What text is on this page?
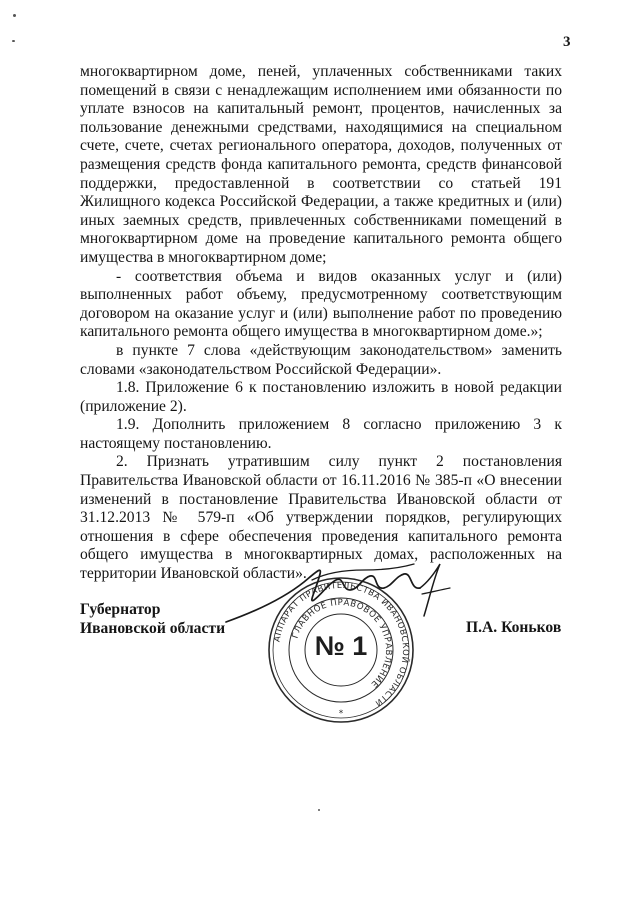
3

многоквартирном доме, пеней, уплаченных собственниками таких помещений в связи с ненадлежащим исполнением ими обязанности по уплате взносов на капитальный ремонт, процентов, начисленных за пользование денежными средствами, находящимися на специальном счете, счете, счетах регионального оператора, доходов, полученных от размещения средств фонда капитального ремонта, средств финансовой поддержки, предоставленной в соответствии со статьей 191 Жилищного кодекса Российской Федерации, а также кредитных и (или) иных заемных средств, привлеченных собственниками помещений в многоквартирном доме на проведение капитального ремонта общего имущества в многоквартирном доме;

- соответствия объема и видов оказанных услуг и (или) выполненных работ объему, предусмотренному соответствующим договором на оказание услуг и (или) выполнение работ по проведению капитального ремонта общего имущества в многоквартирном доме.»;

в пункте 7 слова «действующим законодательством» заменить словами «законодательством Российской Федерации».

1.8. Приложение 6 к постановлению изложить в новой редакции (приложение 2).

1.9. Дополнить приложением 8 согласно приложению 3 к настоящему постановлению.

2. Признать утратившим силу пункт 2 постановления Правительства Ивановской области от 16.11.2016 № 385-п «О внесении изменений в постановление Правительства Ивановской области от 31.12.2013 № 579-п «Об утверждении порядков, регулирующих отношения в сфере обеспечения проведения капитального ремонта общего имущества в многоквартирных домах, расположенных на территории Ивановской области».

Губернатор
Ивановской области
АППАРАТ ПРАВИТЕЛЬСТВА ИВАНОВСКОЙ ОБЛАСТИ
ГЛАВНОЕ ПРАВОВОЕ УПРАВЛЕНИЕ
*
№ 1
П.А. Коньков
